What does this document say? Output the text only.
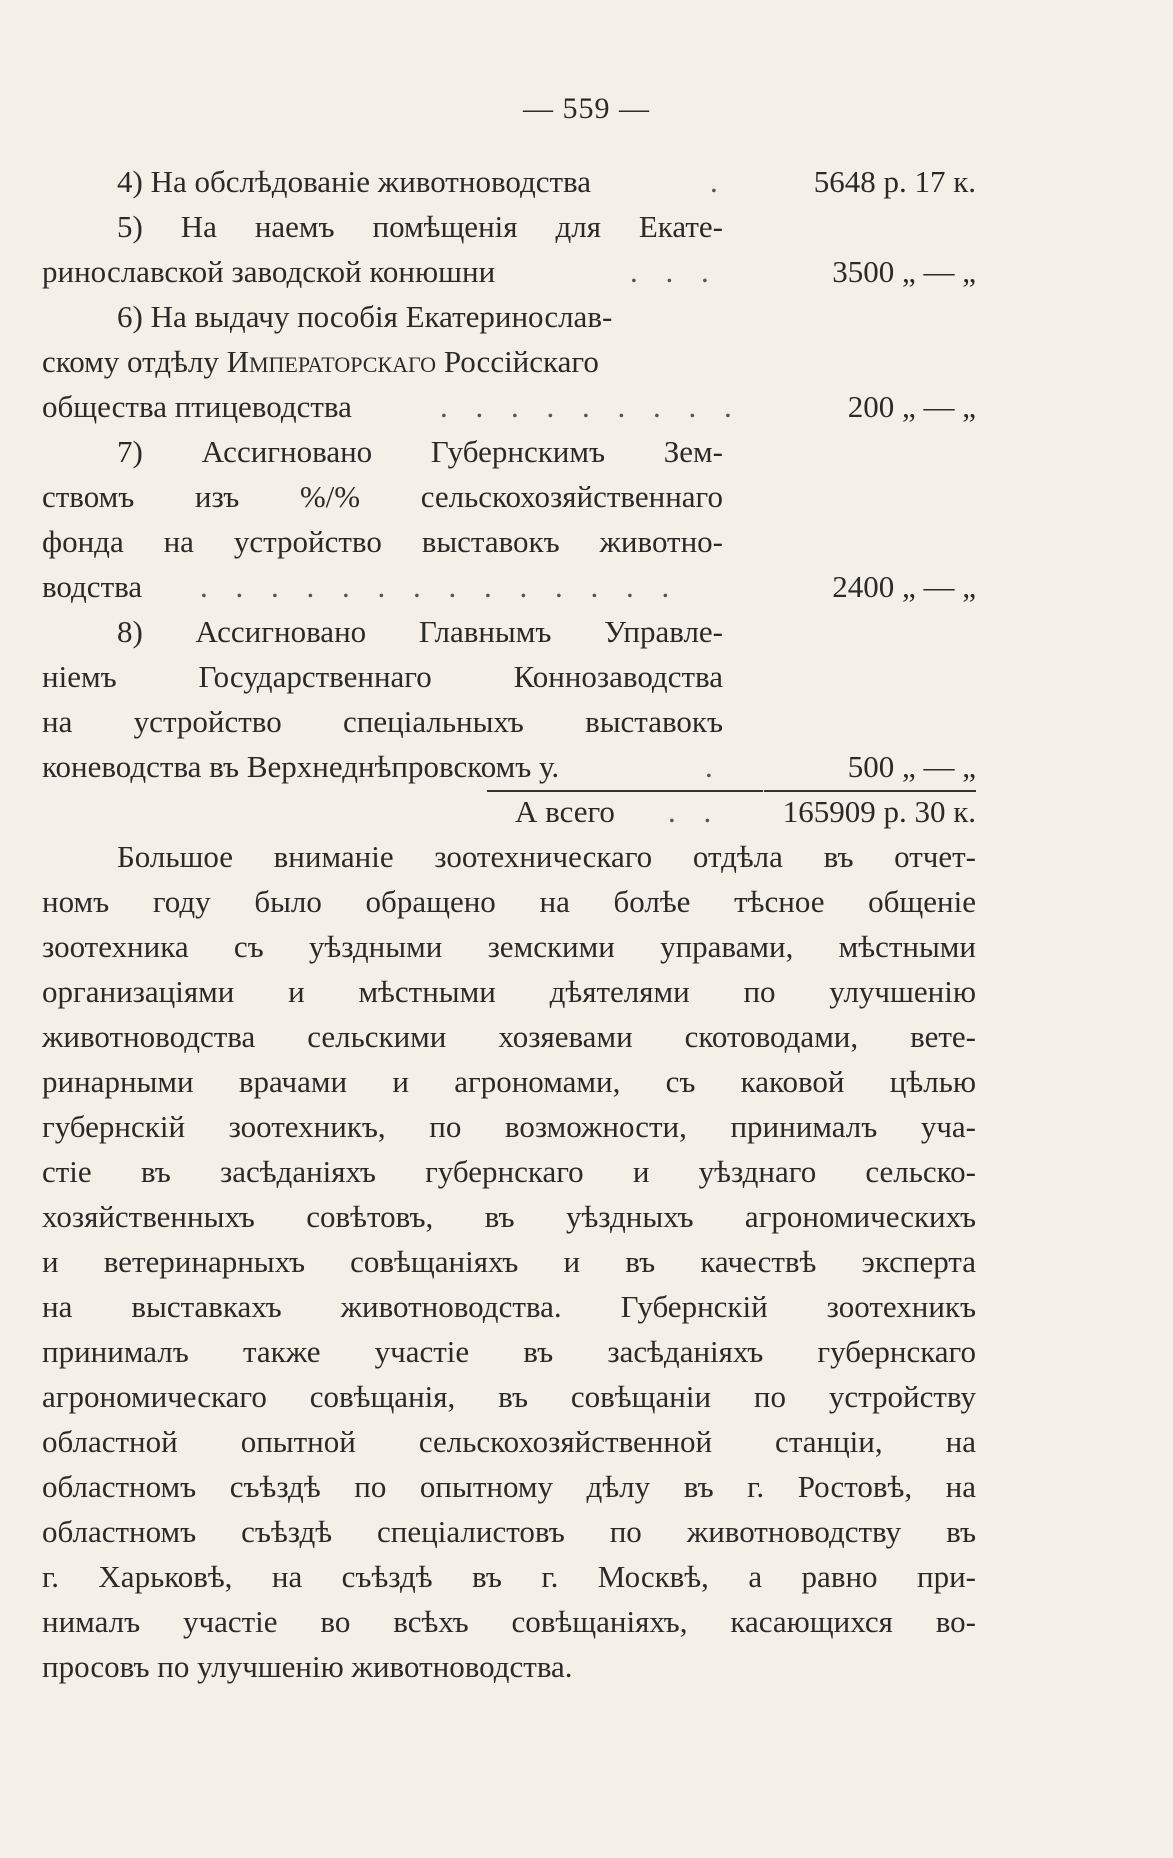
— 559 —
4) На обслѣдованіе животноводства	.	5648 р. 17 к.
5) На наемъ помѣщенія для Екате-
ринославской заводской конюшни	. . .	3500 „ — „
6) На выдачу пособія Екатеринослав-
скому отдѣлу Императорскаго Россійскаго
общества птицеводства	. . . . . . . . .	200 „ — „
7) Ассигновано Губернскимъ Зем-
ствомъ изъ %/% сельскохозяйственнаго
фонда на устройство выставокъ животно-
водства . . . . . . . . . . . . . .	2400 „ — „
8) Ассигновано Главнымъ Управле-
ніемъ Государственнаго Коннозаводства
на устройство спеціальныхъ выставокъ
коневодства въ Верхнеднѣпровскомъ у.	.	500 „ — „
А всего . .	165909 р. 30 к.
Большое вниманіе зоотехническаго отдѣла въ отчет-
номъ году было обращено на болѣе тѣсное общеніе
зоотехника съ уѣздными земскими управами, мѣстными
организаціями и мѣстными дѣятелями по улучшенію
животноводства сельскими хозяевами скотоводами, вете-
ринарными врачами и агрономами, съ каковой цѣлью
губернскій зоотехникъ, по возможности, принималъ уча-
стіе въ засѣданіяхъ губернскаго и уѣзднаго сельско-
хозяйственныхъ совѣтовъ, въ уѣздныхъ агрономическихъ
и ветеринарныхъ совѣщаніяхъ и въ качествѣ эксперта
на выставкахъ животноводства. Губернскій зоотехникъ
принималъ также участіе въ засѣданіяхъ губернскаго
агрономическаго совѣщанія, въ совѣщаніи по устройству
областной опытной сельскохозяйственной станціи, на
областномъ съѣздѣ по опытному дѣлу въ г. Ростовѣ, на
областномъ съѣздѣ спеціалистовъ по животноводству въ
г. Харьковѣ, на съѣздѣ въ г. Москвѣ, а равно при-
нималъ участіе во всѣхъ совѣщаніяхъ, касающихся во-
просовъ по улучшенію животноводства.
